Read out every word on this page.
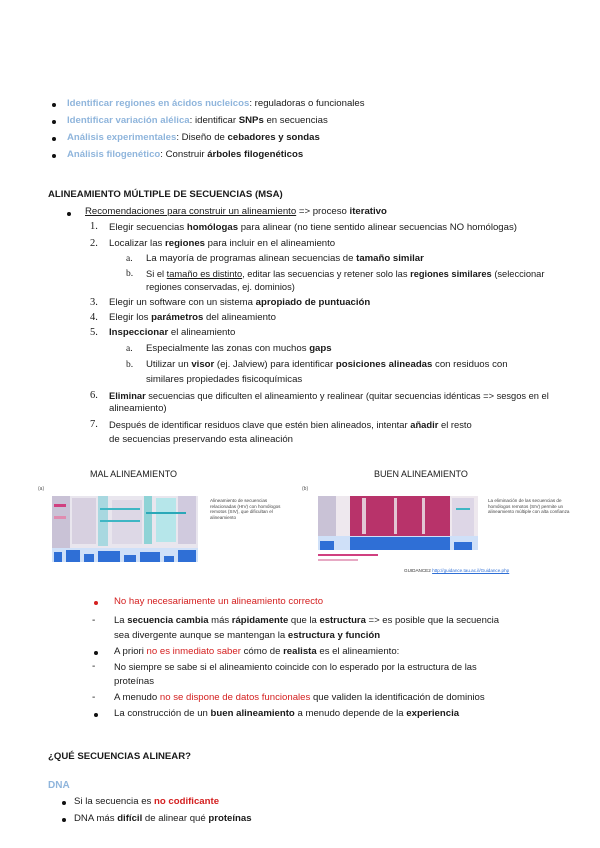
Identificar regiones en ácidos nucleicos: reguladoras o funcionales
Identificar variación alélica: identificar SNPs en secuencias
Análisis experimentales: Diseño de cebadores y sondas
Análisis filogenético: Construir árboles filogenéticos
ALINEAMIENTO MÚLTIPLE DE SECUENCIAS (MSA)
Recomendaciones para construir un alineamiento => proceso iterativo
1. Elegir secuencias homólogas para alinear (no tiene sentido alinear secuencias NO homólogas)
2. Localizar las regiones para incluir en el alineamiento
a. La mayoría de programas alinean secuencias de tamaño similar
b. Si el tamaño es distinto, editar las secuencias y retener solo las regiones similares (seleccionar
regiones conservadas, ej. dominios)
3. Elegir un software con un sistema apropiado de puntuación
4. Elegir los parámetros del alineamiento
5. Inspeccionar el alineamiento
a. Especialmente las zonas con muchos gaps
b. Utilizar un visor (ej. Jalview) para identificar posiciones alineadas con residuos con
similares propiedades fisicoquímicas
6. Eliminar secuencias que dificulten el alineamiento y realinear (quitar secuencias idénticas => sesgos en el
alineamiento)
7. Después de identificar residuos clave que estén bien alineados, intentar añadir el resto
de secuencias preservando esta alineación
MAL ALINEAMIENTO	BUEN ALINEAMIENTO
(a)
Alineamiento de secuencias relacionadas (HIV) con homólogos remotos (SIV), que dificultan el alineamiento
(b)
La eliminación de las secuencias de homólogos remotos (SIV) permite un alineamiento múltiple con alta confianza
GUIDANCE2 http://guidance.tau.ac.il/Guidance.php
No hay necesariamente un alineamiento correcto
- La secuencia cambia más rápidamente que la estructura => es posible que la secuencia
sea divergente aunque se mantengan la estructura y función
A priori no es inmediato saber cómo de realista es el alineamiento:
- No siempre se sabe si el alineamiento coincide con lo esperado por la estructura de las
proteínas
- A menudo no se dispone de datos funcionales que validen la identificación de dominios
La construcción de un buen alineamiento a menudo depende de la experiencia
¿QUÉ SECUENCIAS ALINEAR?
DNA
Si la secuencia es no codificante
DNA más difícil de alinear qué proteínas
